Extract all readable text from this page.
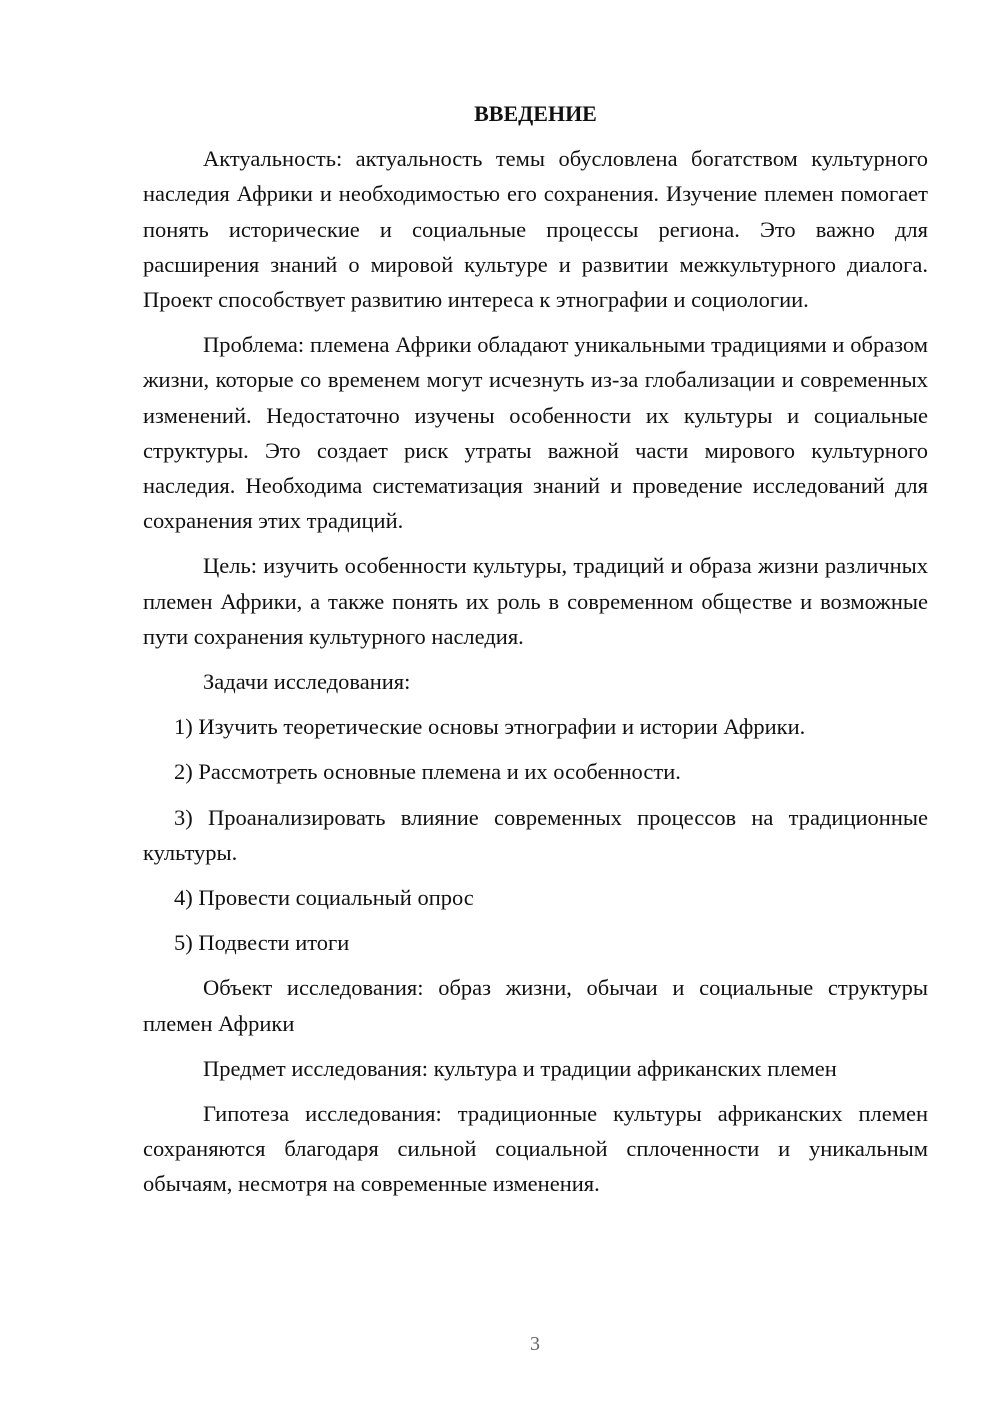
ВВЕДЕНИЕ

Актуальность: актуальность темы обусловлена богатством культурного наследия Африки и необходимостью его сохранения. Изучение племен помогает понять исторические и социальные процессы региона. Это важно для расширения знаний о мировой культуре и развитии межкультурного диалога. Проект способствует развитию интереса к этнографии и социологии.

Проблема: племена Африки обладают уникальными традициями и образом жизни, которые со временем могут исчезнуть из-за глобализации и современных изменений. Недостаточно изучены особенности их культуры и социальные структуры. Это создает риск утраты важной части мирового культурного наследия. Необходима систематизация знаний и проведение исследований для сохранения этих традиций.

Цель: изучить особенности культуры, традиций и образа жизни различных племен Африки, а также понять их роль в современном обществе и возможные пути сохранения культурного наследия.

Задачи исследования:

1) Изучить теоретические основы этнографии и истории Африки.

2) Рассмотреть основные племена и их особенности.

3) Проанализировать влияние современных процессов на традиционные культуры.

4) Провести социальный опрос

5) Подвести итоги

Объект исследования: образ жизни, обычаи и социальные структуры племен Африки

Предмет исследования: культура и традиции африканских племен

Гипотеза исследования: традиционные культуры африканских племен сохраняются благодаря сильной социальной сплоченности и уникальным обычаям, несмотря на современные изменения.

3
